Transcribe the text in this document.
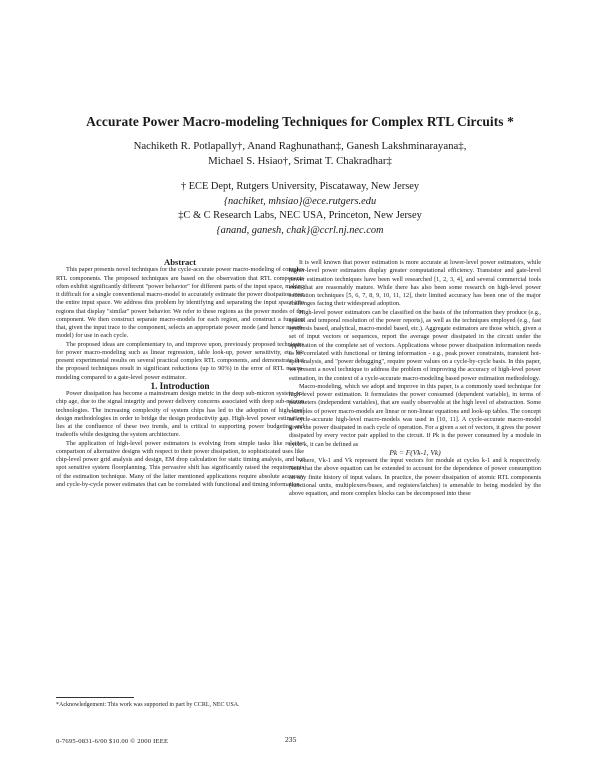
Accurate Power Macro-modeling Techniques for Complex RTL Circuits *
Nachiketh R. Potlapally†, Anand Raghunathan‡, Ganesh Lakshminarayana‡,
Michael S. Hsiao†, Srimat T. Chakradhar‡
† ECE Dept, Rutgers University, Piscataway, New Jersey
{nachiket, mhsiao}@ece.rutgers.edu
‡C & C Research Labs, NEC USA, Princeton, New Jersey
{anand, ganesh, chak}@ccrl.nj.nec.com

Abstract

This paper presents novel techniques for the cycle-accurate power macro-modeling of complex RTL components. The proposed techniques are based on the observation that RTL components often exhibit significantly different "power behavior" for different parts of the input space, making it difficult for a single conventional macro-model to accurately estimate the power dissipation over the entire input space. We address this problem by identifying and separating the input space into regions that display "similar" power behavior. We refer to these regions as the power modes of the component. We then construct separate macro-models for each region, and construct a function that, given the input trace to the component, selects an appropriate power mode (and hence macro-model) for use in each cycle.

The proposed ideas are complementary to, and improve upon, previously proposed techniques for power macro-modeling such as linear regression, table look-up, power sensitivity, etc. We present experimental results on several practical complex RTL components, and demonstrate that the proposed techniques result in significant reductions (up to 90%) in the error of RTL macro-modeling compared to a gate-level power estimator.

1. Introduction

Power dissipation has become a mainstream design metric in the deep sub-micron system-on-chip age, due to the signal integrity and power delivery concerns associated with deep sub-micron technologies. The increasing complexity of system chips has led to the adoption of high-level design methodologies in order to bridge the design productivity gap. High-level power estimation lies at the confluence of these two trends, and is critical to supporting power budgeting and tradeoffs while designing the system architecture.

The application of high-level power estimators is evolving from simple tasks like relative comparison of alternative designs with respect to their power dissipation, to sophisticated uses like chip-level power grid analysis and design, EM drop calculation for static timing analysis, and hot spot sensitive system floorplanning. This pervasive shift has significantly raised the requirements of the estimation technique. Many of the latter mentioned applications require absolute accuracy and cycle-by-cycle power estimates that can be correlated with functional and timing information.

It is well known that power estimation is more accurate at lower-level power estimators, while higher-level power estimators display greater computational efficiency. Transistor and gate-level power estimation techniques have been well researched [1, 2, 3, 4], and several commercial tools exist that are reasonably mature. While there has also been some research on high-level power estimation techniques [5, 6, 7, 8, 9, 10, 11, 12], their limited accuracy has been one of the major challenges facing their widespread adoption.

High-level power estimators can be classified on the basis of the information they produce (e.g., spatial and temporal resolution of the power reports), as well as the techniques employed (e.g., fast synthesis based, analytical, macro-model based, etc.). Aggregate estimators are those which, given a set of input vectors or sequences, report the average power dissipated in the circuit under the application of the complete set of vectors. Applications whose power dissipation information needs to be correlated with functional or timing information - e.g., peak power constraints, transient hot-spot analysis, and "power debugging", require power values on a cycle-by-cycle basis. In this paper, we present a novel technique to address the problem of improving the accuracy of high-level power estimation, in the context of a cycle-accurate macro-modeling based power estimation methodology.

Macro-modeling, which we adopt and improve in this paper, is a commonly used technique for high-level power estimation. It formulates the power consumed (dependent variable), in terms of parameters (independent variables), that are easily observable at the high level of abstraction. Some examples of power macro-models are linear or non-linear equations and look-up tables. The concept of cycle-accurate high-level macro-models was used in [10, 11]. A cycle-accurate macro-model gives the power dissipated in each cycle of operation. For a given a set of vectors, it gives the power dissipated by every vector pair applied to the circuit. If Pk is the power consumed by a module in cycle k, it can be defined as

Pk = F(Vk-1, Vk)

where, Vk-1 and Vk represent the input vectors for module at cycles k-1 and k respectively. Note that the above equation can be extended to account for the dependence of power consumption on any finite history of input values. In practice, the power dissipation of atomic RTL components (functional units, multiplexers/buses, and registers/latches) is amenable to being modeled by the above equation, and more complex blocks can be decomposed into these

*Acknowledgement: This work was supported in part by CCRL, NEC USA.
0-7695-0831-6/00 $10.00 © 2000 IEEE	235
